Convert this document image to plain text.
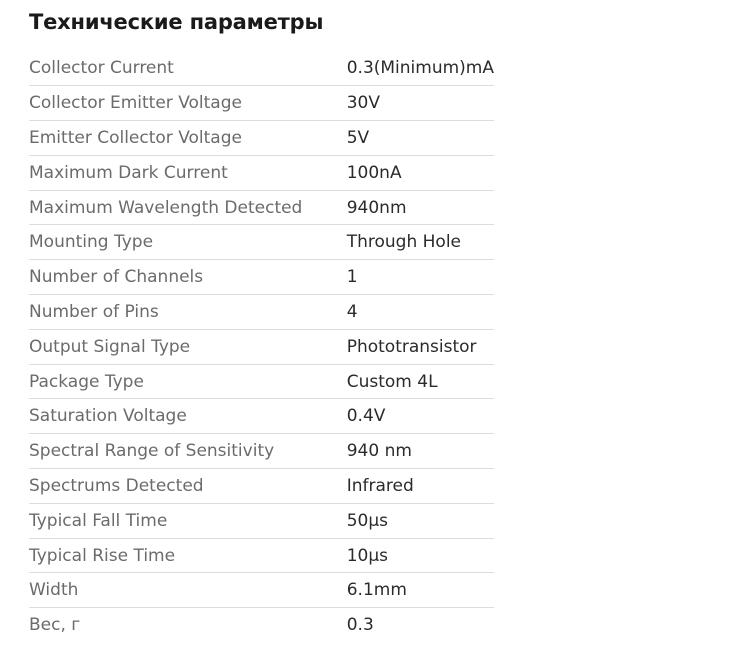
Технические параметры
Collector Current	0.3(Minimum)mA
Collector Emitter Voltage	30V
Emitter Collector Voltage	5V
Maximum Dark Current	100nA
Maximum Wavelength Detected	940nm
Mounting Type	Through Hole
Number of Channels	1
Number of Pins	4
Output Signal Type	Phototransistor
Package Type	Custom 4L
Saturation Voltage	0.4V
Spectral Range of Sensitivity	940 nm
Spectrums Detected	Infrared
Typical Fall Time	50µs
Typical Rise Time	10µs
Width	6.1mm
Вес, г	0.3
